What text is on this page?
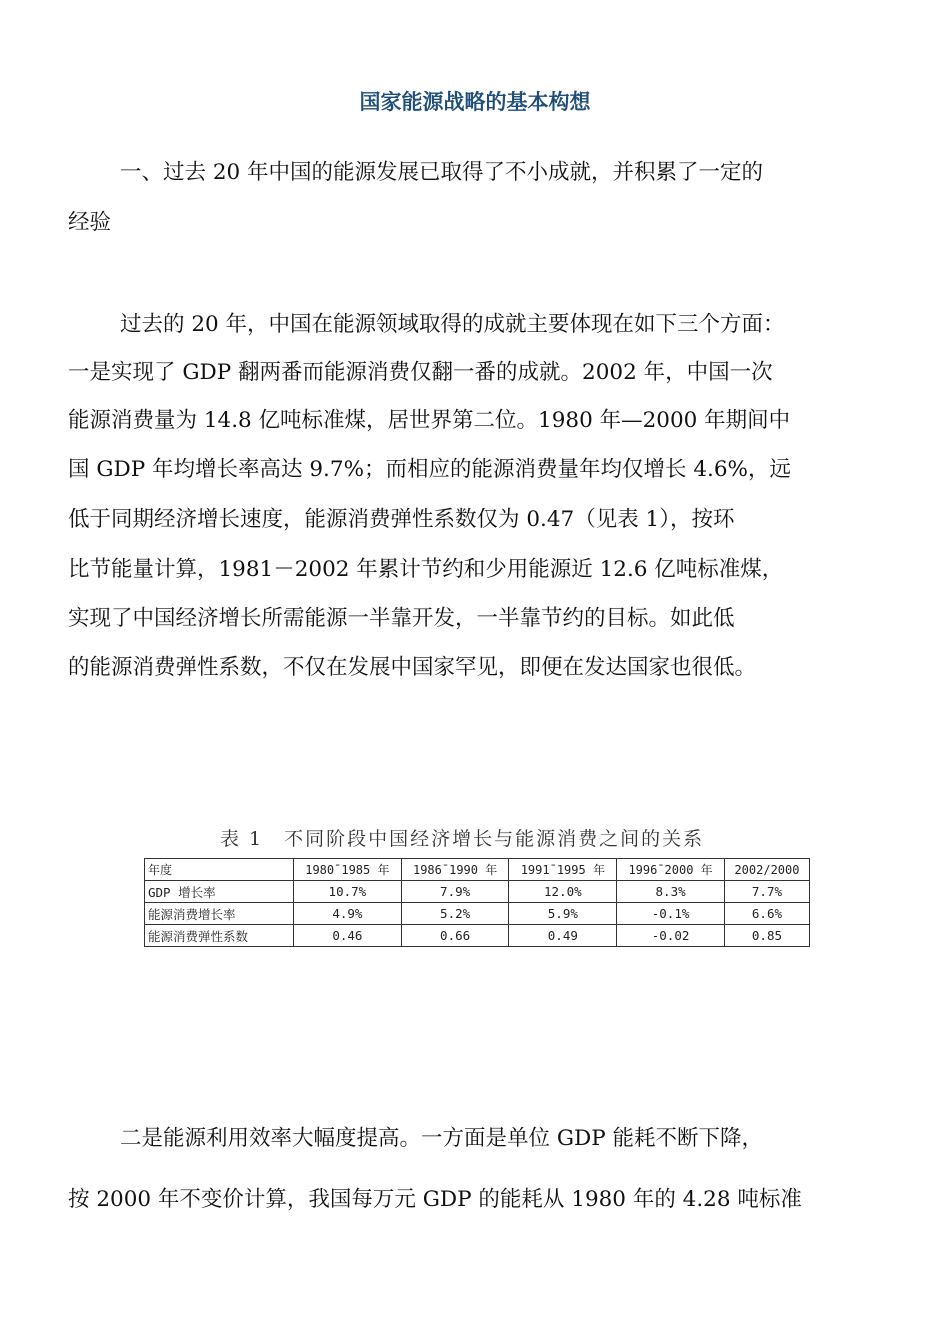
国家能源战略的基本构想
一、过去 20 年中国的能源发展已取得了不小成就，并积累了一定的
经验
过去的 20 年，中国在能源领域取得的成就主要体现在如下三个方面：
一是实现了 GDP 翻两番而能源消费仅翻一番的成就。2002 年，中国一次
能源消费量为 14.8 亿吨标准煤，居世界第二位。1980 年—2000 年期间中
国 GDP 年均增长率高达 9.7%；而相应的能源消费量年均仅增长 4.6%，远
低于同期经济增长速度，能源消费弹性系数仅为 0.47（见表 1），按环
比节能量计算，1981－2002 年累计节约和少用能源近 12.6 亿吨标准煤，
实现了中国经济增长所需能源一半靠开发，一半靠节约的目标。如此低
的能源消费弹性系数，不仅在发展中国家罕见，即便在发达国家也很低。
表 1　不同阶段中国经济增长与能源消费之间的关系
年度	1980¯1985 年	1986¯1990 年	1991¯1995 年	1996¯2000 年	2002/2000
GDP 增长率	10.7%	7.9%	12.0%	8.3%	7.7%
能源消费增长率	4.9%	5.2%	5.9%	-0.1%	6.6%
能源消费弹性系数	0.46	0.66	0.49	-0.02	0.85
二是能源利用效率大幅度提高。一方面是单位 GDP 能耗不断下降，
按 2000 年不变价计算，我国每万元 GDP 的能耗从 1980 年的 4.28 吨标准
